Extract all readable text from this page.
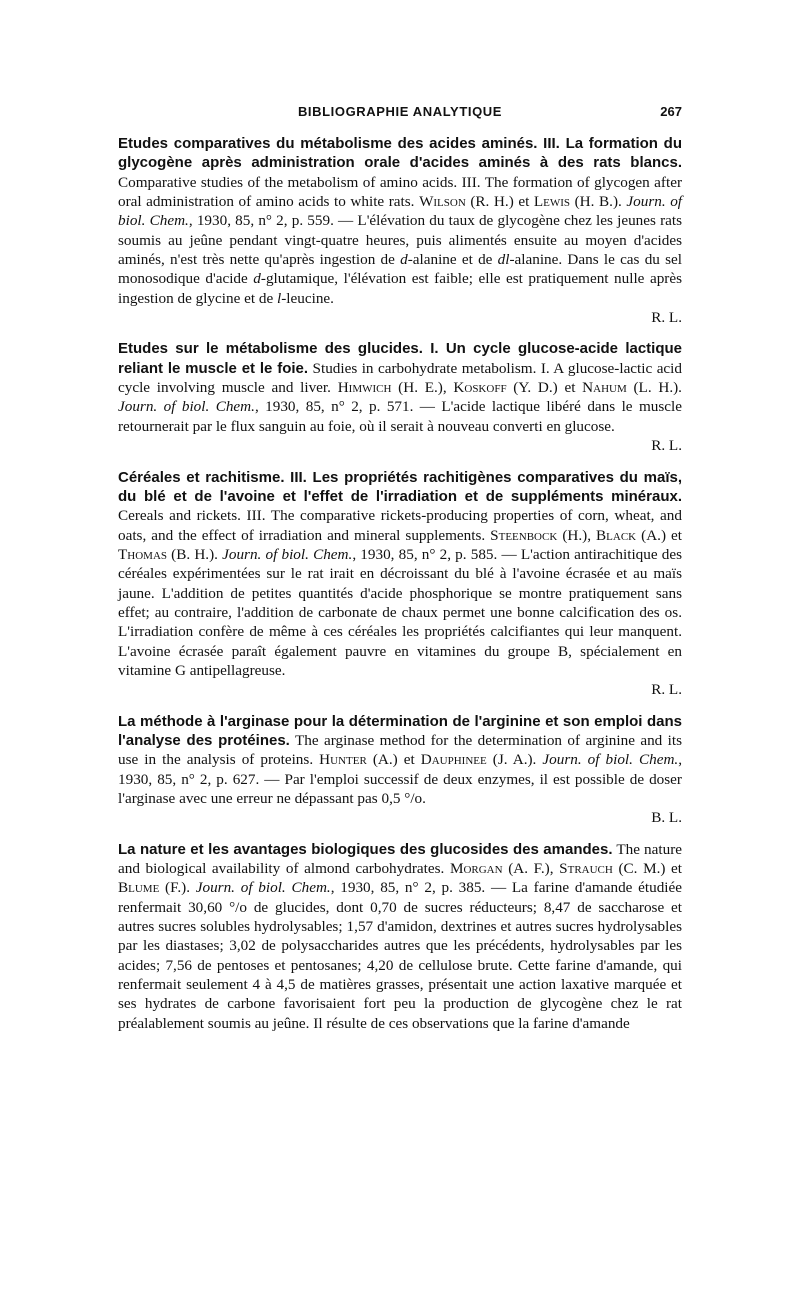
BIBLIOGRAPHIE ANALYTIQUE	267

Etudes comparatives du métabolisme des acides aminés. III. La formation du glycogène après administration orale d'acides aminés à des rats blancs. Comparative studies of the metabolism of amino acids. III. The formation of glycogen after oral administration of amino acids to white rats. Wilson (R. H.) et Lewis (H. B.). Journ. of biol. Chem., 1930, 85, n° 2, p. 559. — L'élévation du taux de glycogène chez les jeunes rats soumis au jeûne pendant vingt-quatre heures, puis alimentés ensuite au moyen d'acides aminés, n'est très nette qu'après ingestion de d-alanine et de dl-alanine. Dans le cas du sel monosodique d'acide d-glutamique, l'élévation est faible; elle est pratiquement nulle après ingestion de glycine et de l-leucine.
R. L.

Etudes sur le métabolisme des glucides. I. Un cycle glucose-acide lactique reliant le muscle et le foie. Studies in carbohydrate metabolism. I. A glucose-lactic acid cycle involving muscle and liver. Himwich (H. E.), Koskoff (Y. D.) et Nahum (L. H.). Journ. of biol. Chem., 1930, 85, n° 2, p. 571. — L'acide lactique libéré dans le muscle retournerait par le flux sanguin au foie, où il serait à nouveau converti en glucose.
R. L.

Céréales et rachitisme. III. Les propriétés rachitigènes comparatives du maïs, du blé et de l'avoine et l'effet de l'irradiation et de suppléments minéraux. Cereals and rickets. III. The comparative rickets-producing properties of corn, wheat, and oats, and the effect of irradiation and mineral supplements. Steenbock (H.), Black (A.) et Thomas (B. H.). Journ. of biol. Chem., 1930, 85, n° 2, p. 585. — L'action antirachitique des céréales expérimentées sur le rat irait en décroissant du blé à l'avoine écrasée et au maïs jaune. L'addition de petites quantités d'acide phosphorique se montre pratiquement sans effet; au contraire, l'addition de carbonate de chaux permet une bonne calcification des os. L'irradiation confère de même à ces céréales les propriétés calcifiantes qui leur manquent. L'avoine écrasée paraît également pauvre en vitamines du groupe B, spécialement en vitamine G antipellagreuse.
R. L.

La méthode à l'arginase pour la détermination de l'arginine et son emploi dans l'analyse des protéines. The arginase method for the determination of arginine and its use in the analysis of proteins. Hunter (A.) et Dauphinee (J. A.). Journ. of biol. Chem., 1930, 85, n° 2, p. 627. — Par l'emploi successif de deux enzymes, il est possible de doser l'arginase avec une erreur ne dépassant pas 0,5 °/o.
B. L.

La nature et les avantages biologiques des glucosides des amandes. The nature and biological availability of almond carbohydrates. Morgan (A. F.), Strauch (C. M.) et Blume (F.). Journ. of biol. Chem., 1930, 85, n° 2, p. 385. — La farine d'amande étudiée renfermait 30,60 °/o de glucides, dont 0,70 de sucres réducteurs; 8,47 de saccharose et autres sucres solubles hydrolysables; 1,57 d'amidon, dextrines et autres sucres hydrolysables par les diastases; 3,02 de polysaccharides autres que les précédents, hydrolysables par les acides; 7,56 de pentoses et pentosanes; 4,20 de cellulose brute. Cette farine d'amande, qui renfermait seulement 4 à 4,5 de matières grasses, présentait une action laxative marquée et ses hydrates de carbone favorisaient fort peu la production de glycogène chez le rat préalablement soumis au jeûne. Il résulte de ces observations que la farine d'amande
